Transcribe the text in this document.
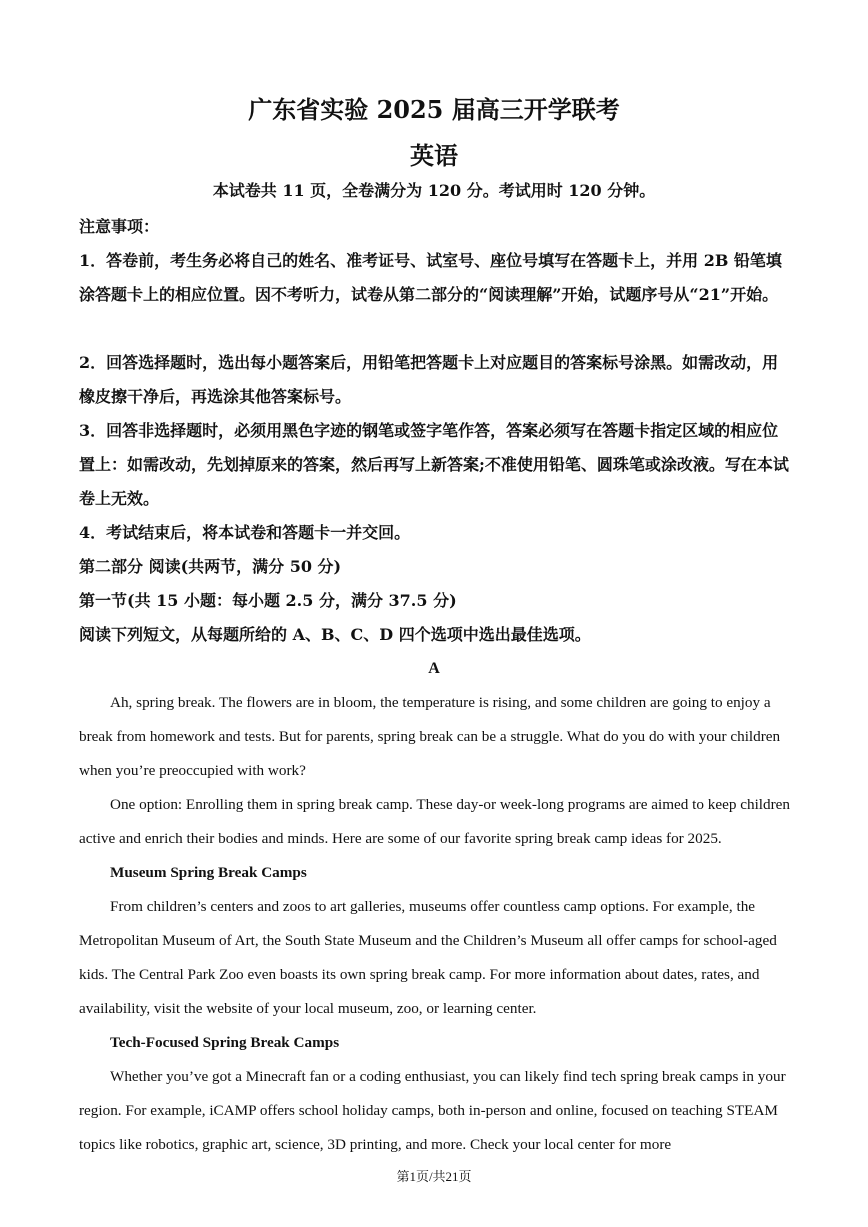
广东省实验 2025 届高三开学联考
英语
本试卷共 11 页，全卷满分为 120 分。考试用时 120 分钟。
注意事项：
1．答卷前，考生务必将自己的姓名、准考证号、试室号、座位号填写在答题卡上，并用 2B 铅笔填涂答题卡上的相应位置。因不考听力，试卷从第二部分的“阅读理解”开始，试题序号从“21”开始。
2．回答选择题时，选出每小题答案后，用铅笔把答题卡上对应题目的答案标号涂黑。如需改动，用橡皮擦干净后，再选涂其他答案标号。
3．回答非选择题时，必须用黑色字迹的钢笔或签字笔作答，答案必须写在答题卡指定区域的相应位置上：如需改动，先划掉原来的答案，然后再写上新答案;不准使用铅笔、圆珠笔或涂改液。写在本试卷上无效。
4．考试结束后，将本试卷和答题卡一并交回。
第二部分 阅读(共两节，满分 50 分)
第一节(共 15 小题：每小题 2.5 分，满分 37.5 分)
阅读下列短文，从每题所给的 A、B、C、D 四个选项中选出最佳选项。
A
Ah, spring break. The flowers are in bloom, the temperature is rising, and some children are going to enjoy a break from homework and tests. But for parents, spring break can be a struggle. What do you do with your children when you’re preoccupied with work?
One option: Enrolling them in spring break camp. These day-or week-long programs are aimed to keep children active and enrich their bodies and minds. Here are some of our favorite spring break camp ideas for 2025.
Museum Spring Break Camps
From children’s centers and zoos to art galleries, museums offer countless camp options. For example, the Metropolitan Museum of Art, the South State Museum and the Children’s Museum all offer camps for school-aged kids. The Central Park Zoo even boasts its own spring break camp. For more information about dates, rates, and availability, visit the website of your local museum, zoo, or learning center.
Tech-Focused Spring Break Camps
Whether you’ve got a Minecraft fan or a coding enthusiast, you can likely find tech spring break camps in your region. For example, iCAMP offers school holiday camps, both in-person and online, focused on teaching STEAM topics like robotics, graphic art, science, 3D printing, and more. Check your local center for more
第1页/共21页
